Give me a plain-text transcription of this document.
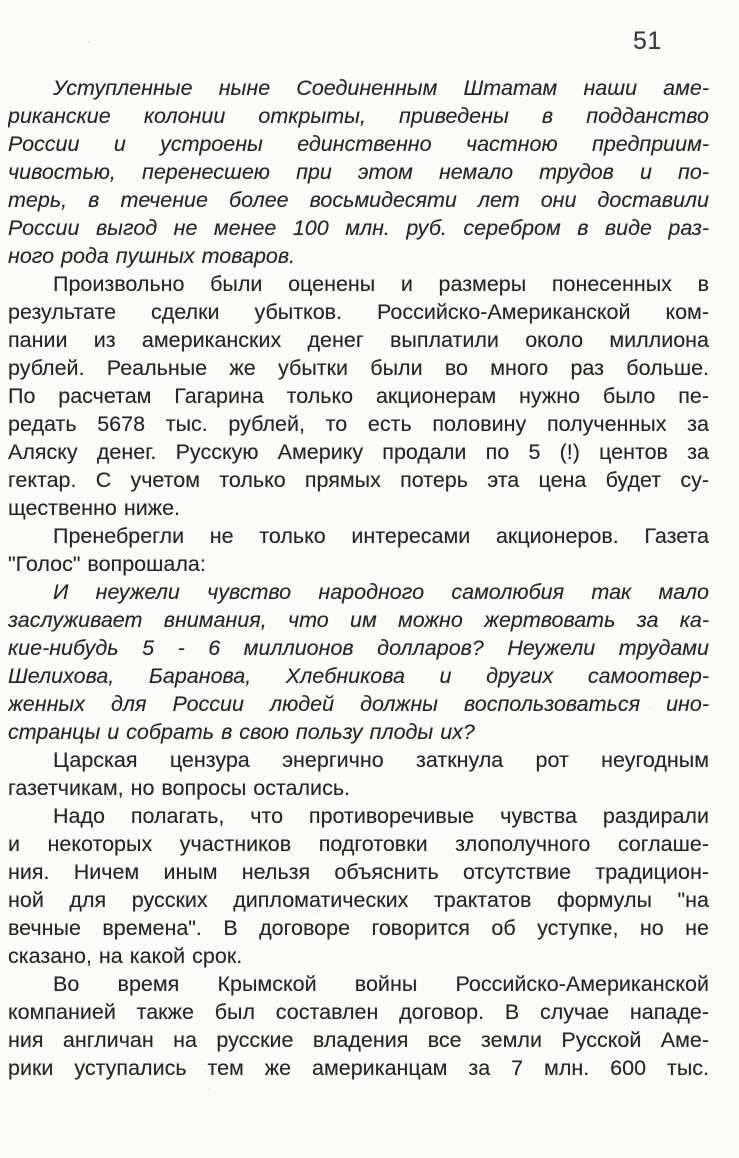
51
Уступленные ныне Соединенным Штатам наши аме-
риканские колонии открыты, приведены в подданство
России и устроены единственно частною предприим-
чивостью, перенесшею при этом немало трудов и по-
терь, в течение более восьмидесяти лет они доставили
России выгод не менее 100 млн. руб. серебром в виде раз-
ного рода пушных товаров.
Произвольно были оценены и размеры понесенных в
результате сделки убытков. Российско-Американской ком-
пании из американских денег выплатили около миллиона
рублей. Реальные же убытки были во много раз больше.
По расчетам Гагарина только акционерам нужно было пе-
редать 5678 тыс. рублей, то есть половину полученных за
Аляску денег. Русскую Америку продали по 5 (!) центов за
гектар. С учетом только прямых потерь эта цена будет су-
щественно ниже.
Пренебрегли не только интересами акционеров. Газета
"Голос" вопрошала:
И неужели чувство народного самолюбия так мало
заслуживает внимания, что им можно жертвовать за ка-
кие-нибудь 5 - 6 миллионов долларов? Неужели трудами
Шелихова, Баранова, Хлебникова и других самоотвер-
женных для России людей должны воспользоваться ино-
странцы и собрать в свою пользу плоды их?
Царская цензура энергично заткнула рот неугодным
газетчикам, но вопросы остались.
Надо полагать, что противоречивые чувства раздирали
и некоторых участников подготовки злополучного соглаше-
ния. Ничем иным нельзя объяснить отсутствие традицион-
ной для русских дипломатических трактатов формулы "на
вечные времена". В договоре говорится об уступке, но не
сказано, на какой срок.
Во время Крымской войны Российско-Американской
компанией также был составлен договор. В случае нападе-
ния англичан на русские владения все земли Русской Аме-
рики уступались тем же американцам за 7 млн. 600 тыс.
